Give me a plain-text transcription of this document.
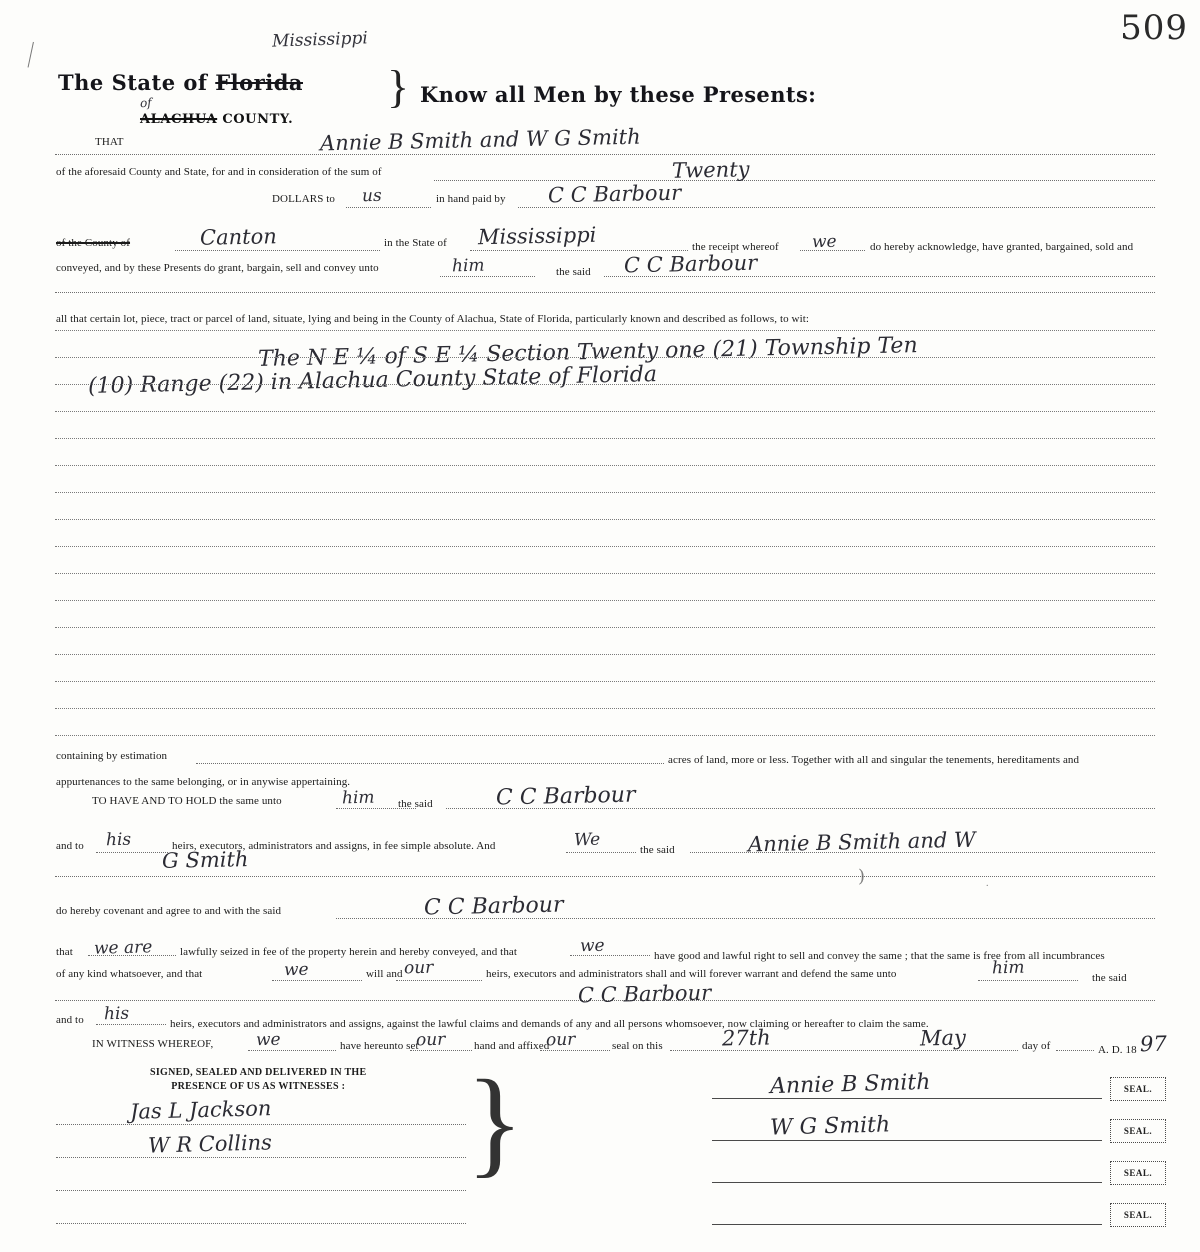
509
Mississippi
The State of Florida
of
ALACHUA COUNTY.
} Know all Men by these Presents:
THAT	Annie B Smith and W G Smith
of the aforesaid County and State, for and in consideration of the sum of	Twenty
DOLLARS to us	in hand paid by C C Barbour
of the County of	Canton	in the State of Mississippi	the receipt whereof we	do hereby acknowledge, have granted, bargained, sold and
conveyed, and by these Presents do grant, bargain, sell and convey unto	him	the said C C Barbour
all that certain lot, piece, tract or parcel of land, situate, lying and being in the County of Alachua, State of Florida, particularly known and described as follows, to wit:
The N E ¼ of S E ¼ Section Twenty one (21) Township Ten
(10) Range (22) in Alachua County State of Florida
containing by estimation	acres of land, more or less. Together with all and singular the tenements, hereditaments and
appurtenances to the same belonging, or in anywise appertaining.
TO HAVE AND TO HOLD the same unto	him the said	C C Barbour
and to his	heirs, executors, administrators and assigns, in fee simple absolute. And	We	the said	Annie B Smith and W
G Smith
)
do hereby covenant and agree to and with the said	C C Barbour
that we are lawfully seized in fee of the property herein and hereby conveyed, and that	we	have good and lawful right to sell and convey the same ; that the same is free from all incumbrances
of any kind whatsoever, and that	we	will and our	heirs, executors and administrators shall and will forever warrant and defend the same unto	him	the said
C C Barbour
and to his	heirs, executors and administrators and assigns, against the lawful claims and demands of any and all persons whomsoever, now claiming or hereafter to claim the same.
IN WITNESS WHEREOF, we	have hereunto set
our	hand and affixed
our	seal on this	27th	day of
May	A. D. 18 97
SIGNED, SEALED AND DELIVERED IN THE
PRESENCE OF US AS WITNESSES : }
Jas L Jackson
W R Collins
Annie B Smith
W G Smith
SEAL.
SEAL.
SEAL.
SEAL.
.
